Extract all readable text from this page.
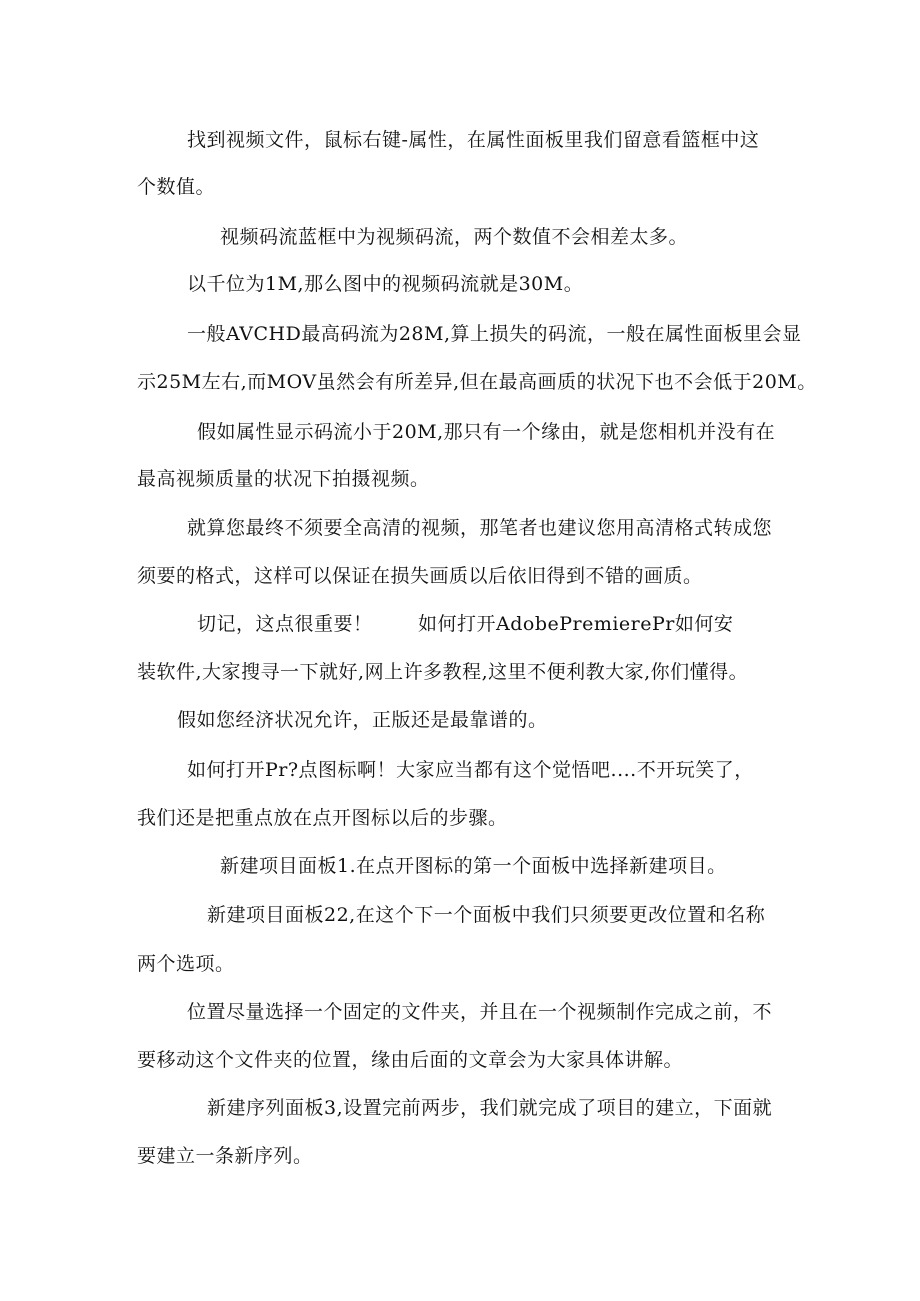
找到视频文件，鼠标右键-属性，在属性面板里我们留意看篮框中这
个数值。
视频码流蓝框中为视频码流，两个数值不会相差太多。
以千位为1M,那么图中的视频码流就是30M。
一般AVCHD最高码流为28M,算上损失的码流，一般在属性面板里会显
示25M左右,而MOV虽然会有所差异,但在最高画质的状况下也不会低于20M。
假如属性显示码流小于20M,那只有一个缘由，就是您相机并没有在
最高视频质量的状况下拍摄视频。
就算您最终不须要全高清的视频，那笔者也建议您用高清格式转成您
须要的格式，这样可以保证在损失画质以后依旧得到不错的画质。
切记，这点很重要！ 如何打开AdobePremierePr如何安
装软件,大家搜寻一下就好,网上许多教程,这里不便利教大家,你们懂得。
假如您经济状况允许，正版还是最靠谱的。
如何打开Pr?点图标啊！大家应当都有这个觉悟吧....不开玩笑了，
我们还是把重点放在点开图标以后的步骤。
新建项目面板1.在点开图标的第一个面板中选择新建项目。
新建项目面板22,在这个下一个面板中我们只须要更改位置和名称
两个选项。
位置尽量选择一个固定的文件夹，并且在一个视频制作完成之前，不
要移动这个文件夹的位置，缘由后面的文章会为大家具体讲解。
新建序列面板3,设置完前两步，我们就完成了项目的建立，下面就
要建立一条新序列。
